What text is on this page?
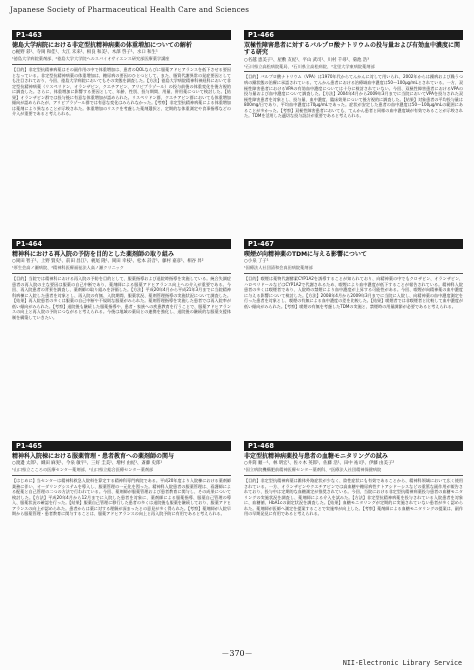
Japanese Society of Pharmaceutical Health Care and Sciences
P1-463
徳島大学病院における非定型抗精神病薬の体重増加についての解析
○梶野 彩¹、寺岡 和佳¹、大江 未来²、相良 和美¹、木澤 啓子¹、水口 和生¹
¹徳島大学病院薬剤部、²徳島大学大学院ヘルスバイオサイエンス研究部医療薬学講座
【目的】非定型抗精神病薬はその副作用の中で体重増加は、患者のQOLならびに服薬アドヒアランスを低下させる要因となっている。非定型抗精神病薬の体重増加は、糖尿病の要因のひとつとして、また、脂質代謝異常の発症要因としても注目されており、今回、徳島大学病院においてもその実態を調査した。【方法】徳島大学病院精神科神経科において非定型抗精神病薬（リスペリドン、オランザピン、クエチアピン、アリピプラゾール）の投与前後の体重変化を後方視的に調査した。さらに、体重増加に影響する要因として、年齢、性別、投与期間、用量、併用薬について検討した。【結果】オランザピン群では投与後に有意な体重増加が認められた。リスペリドン群、クエチアピン群においても体重増加傾向が認められたが、アリピプラゾール群では有意な変化はみられなかった。【考察】非定型抗精神病薬による体重増加は薬剤により異なることが示唆された。体重増加のリスクを考慮した薬剤選択と、定期的な体重測定や食事指導などの介入が重要であると考えられる。
P1-464
精神科における再入院の予防を目的とした薬剤師の取り組み
○岡田 智子¹、上野 賢史¹、前田 昌江¹、梶尾 隆¹、岡田 幸枝¹、松本 詩音¹、藤村 嘉彦¹、相谷 昇²
¹厚生会高ノ瀬病院、²精神科医療福祉法人高ノ瀬クリニック
【目的】当院では精神科における再入院の予防を目的として、服薬指導および退院時指導を実施している。統合失調症患者の再入院の主な要因は服薬の自己中断であり、薬剤師による服薬アドヒアランス向上への介入が重要である。今回、再入院患者の背景を調査し、薬剤師の取り組みを評価した。【方法】平成20年4月から平成21年3月までに当院精神科病棟に入院した患者を対象とし、再入院の有無、入院期間、服薬状況、薬剤管理指導の実施状況について調査した。【結果】再入院患者の多くは服薬の自己中断や不規則な服薬がみられた。薬剤管理指導を実施した患者では再入院率が低い傾向がみられた。【考察】退院後も継続した服薬指導や、患者・家族への疾患教育を行うことで、服薬アドヒアランスの向上と再入院の予防につながると考えられる。今後は地域の薬局との連携を強化し、退院後の継続的な服薬支援体制を構築していきたい。
P1-465
精神科入院棟における服薬管理・患者教育への薬剤師の関与
○渡邊 太郎¹、織田 麻実¹、今泉 敏宇¹、三好 圭美¹、増村 由紀¹、斎藤 史郎¹
¹山口県立こころの医療センター薬剤部、²山口県立総合医療センター薬剤部
【はじめに】当センターは精神科救急入院料を算定する精神科専門病院である。平成20年度より入院棟における薬剤師業務に伴い、オーダリングシステムを導入し、服薬管理の一元化を図った。精神科入院患者の服薬管理は、看護師による配薬と自己管理の二つの方法で行われている。今回、薬剤師が服薬管理および患者教育に関与し、その成果について検討した。【方法】平成20年4月から12月までに入院した患者を対象に、薬剤師による服薬指導、服薬自己管理の導入、服薬状況の確認を行った。【結果】服薬自己管理に移行した患者の多くは退院後も服薬を継続しており、服薬アドヒアランスの向上が認められた。患者からは薬に対する理解が深まったとの意見が多く得られた。【考察】薬剤師が入院早期から服薬管理・患者教育に関与することは、服薬アドヒアランスの向上と再入院予防に有用であると考えられる。
P1-466
双極性障害患者に対するバルプロ酸ナトリウムの投与量および有効血中濃度に関する研究
○名越 恵美子¹、屋敷 友紀¹、平山 武司¹、川村 千尋²、菊池 浩³
¹石川県立高松病院薬局、²石川県立高松病院、³北里大学東病院薬剤部
【目的】バルプロ酸ナトリウム（VPA）は1970年代からてんかんに対して用いられ、2002年からは躁病および躁うつ病の躁状態の治療に承認されている。てんかん患者における治療域血中濃度は50〜100μg/mLとされている。一方、双極性障害患者におけるVPAの有効血中濃度については十分に検討されていない。今回、双極性障害患者におけるVPAの投与量および血中濃度について調査した。【方法】2004年4月から2009年3月までに当院においてVPAを投与された双極性障害患者を対象とし、投与量、血中濃度、臨床効果について後方視的に調査した。【結果】対象患者の平均投与量は800mg/日であり、平均血中濃度は70μg/mLであった。症状が安定した患者の血中濃度は50〜100μg/mLの範囲にあることが多かった。【考察】双極性障害患者においても、てんかん患者と同様の血中濃度域が有効であることが示唆された。TDMを活用した適切な投与設計が重要であると考えられる。
P1-467
喫煙が向精神薬のTDMに与える影響について
○小泉 了子¹
¹国療法人社団清和会真田病院薬剤部
【目的】喫煙は薬物代謝酵素CYP1A2を誘導することが知られており、向精神薬の中でもクロザピン、オランザピン、ハロペリドールなどはCYP1A2で代謝されるため、喫煙により血中濃度が低下することが報告されている。精神科入院患者の多くは喫煙者であり、入院時の禁煙により血中濃度が上昇する可能性がある。今回、喫煙が向精神薬の血中濃度に与える影響について検討した。【方法】2008年4月から2009年3月までに当院に入院し、向精神薬の血中濃度測定を行った患者を対象とし、喫煙の有無による血中濃度の差を比較した。【結果】喫煙者では非喫煙者と比較して血中濃度が低い傾向がみられた。【考察】喫煙の有無を考慮したTDMの実施と、禁煙時の用量調節が必要であると考えられる。
P1-468
非定型抗精神病薬投与患者の血糖モニタリングの試み
○井筒 順一¹、林 明宏¹、佐々木 英郎¹、佐藤 浩¹、田中 祐司¹、伊藤 由美子²
¹国立病院機構肥前精神医療センター薬剤科、²医療法人社団精神保健病院
【目的】非定型抗精神病薬は錐体外路症状が少なく、陰性症状にも有効であることから、精神科領域において広く使用されている。一方、オランザピンやクエチアピンでは高血糖や糖尿病性ケトアシドーシスなどの重篤な副作用が報告されており、投与中は定期的な血糖測定が推奨されている。今回、当院における非定型抗精神病薬投与患者の血糖モニタリングの実施状況を調査し、薬剤師による介入を試みた。【方法】非定型抗精神病薬を投与されている入院患者を対象に、血糖値、HbA1cの測定状況を調査した。【結果】血糖モニタリングが定期的に実施されていない患者が多く認められた。薬剤師が医師へ測定を提案することで実施率が向上した。【考察】薬剤師による血糖モニタリングの提案は、副作用の早期発見に有用であると考えられる。
－370－
NII-Electronic Library Service
